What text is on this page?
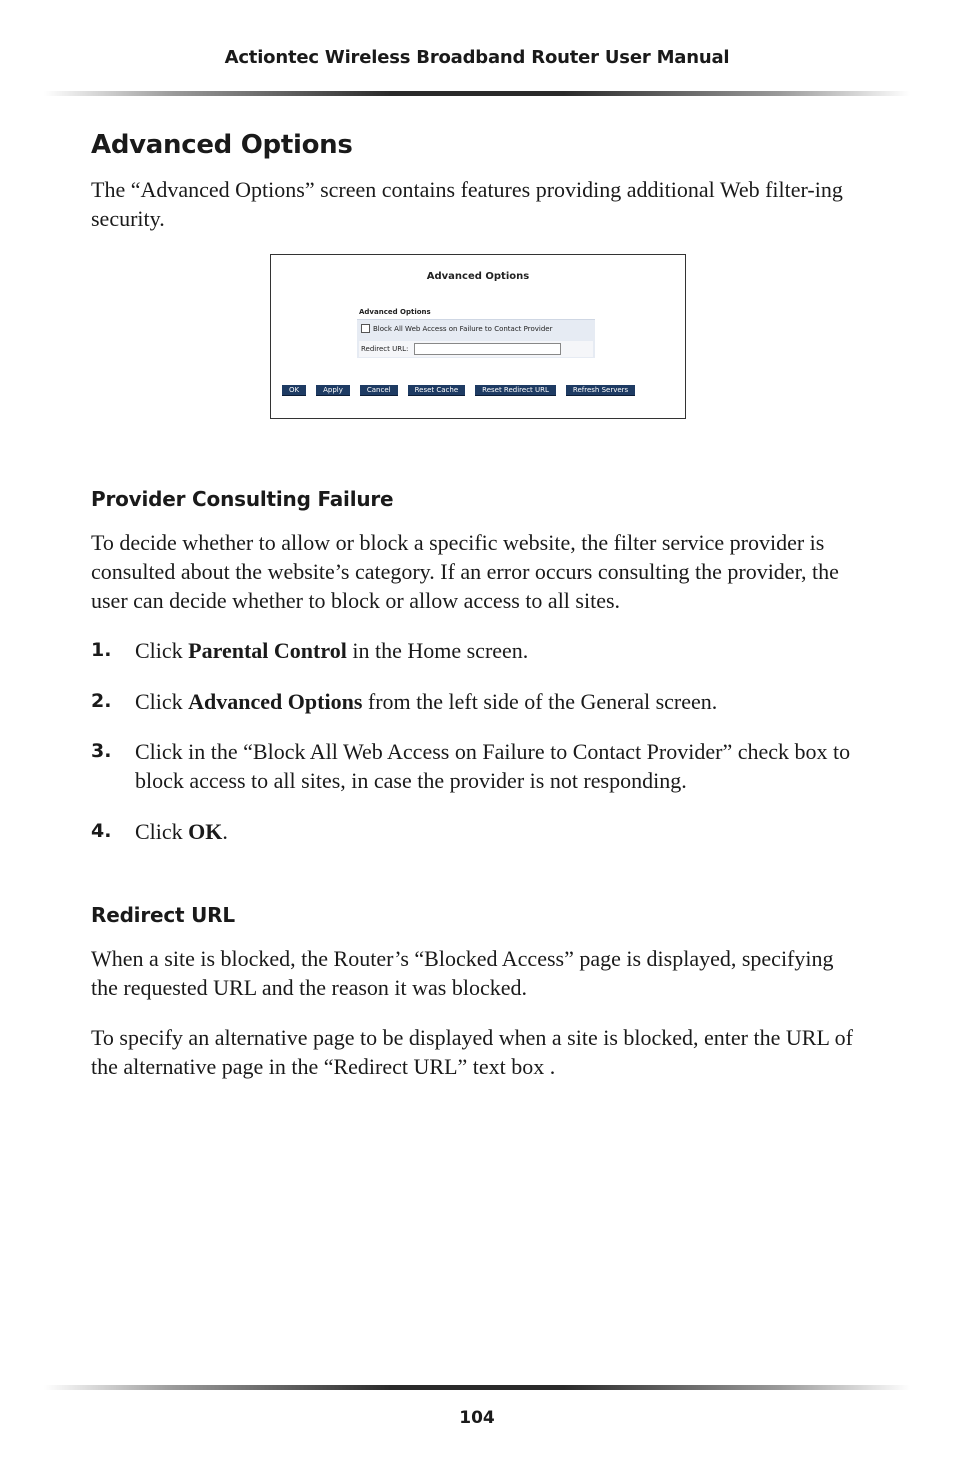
Actiontec Wireless Broadband Router User Manual
Advanced Options

The “Advanced Options” screen contains features providing additional Web filter-ing security.

Advanced Options
Advanced Options
Block All Web Access on Failure to Contact Provider
Redirect URL:
OK	Apply	Cancel	Reset Cache	Reset Redirect URL	Refresh Servers
Provider Consulting Failure

To decide whether to allow or block a specific website, the filter service provider is consulted about the website’s category. If an error occurs consulting the provider, the user can decide whether to block or allow access to all sites.

1. Click Parental Control in the Home screen.
2. Click Advanced Options from the left side of the General screen.
3. Click in the “Block All Web Access on Failure to Contact Provider” check box to block access to all sites, in case the provider is not responding.
4. Click OK.
Redirect URL

When a site is blocked, the Router’s “Blocked Access” page is displayed, specifying the requested URL and the reason it was blocked.

To specify an alternative page to be displayed when a site is blocked, enter the URL of the alternative page in the “Redirect URL” text box .

104
